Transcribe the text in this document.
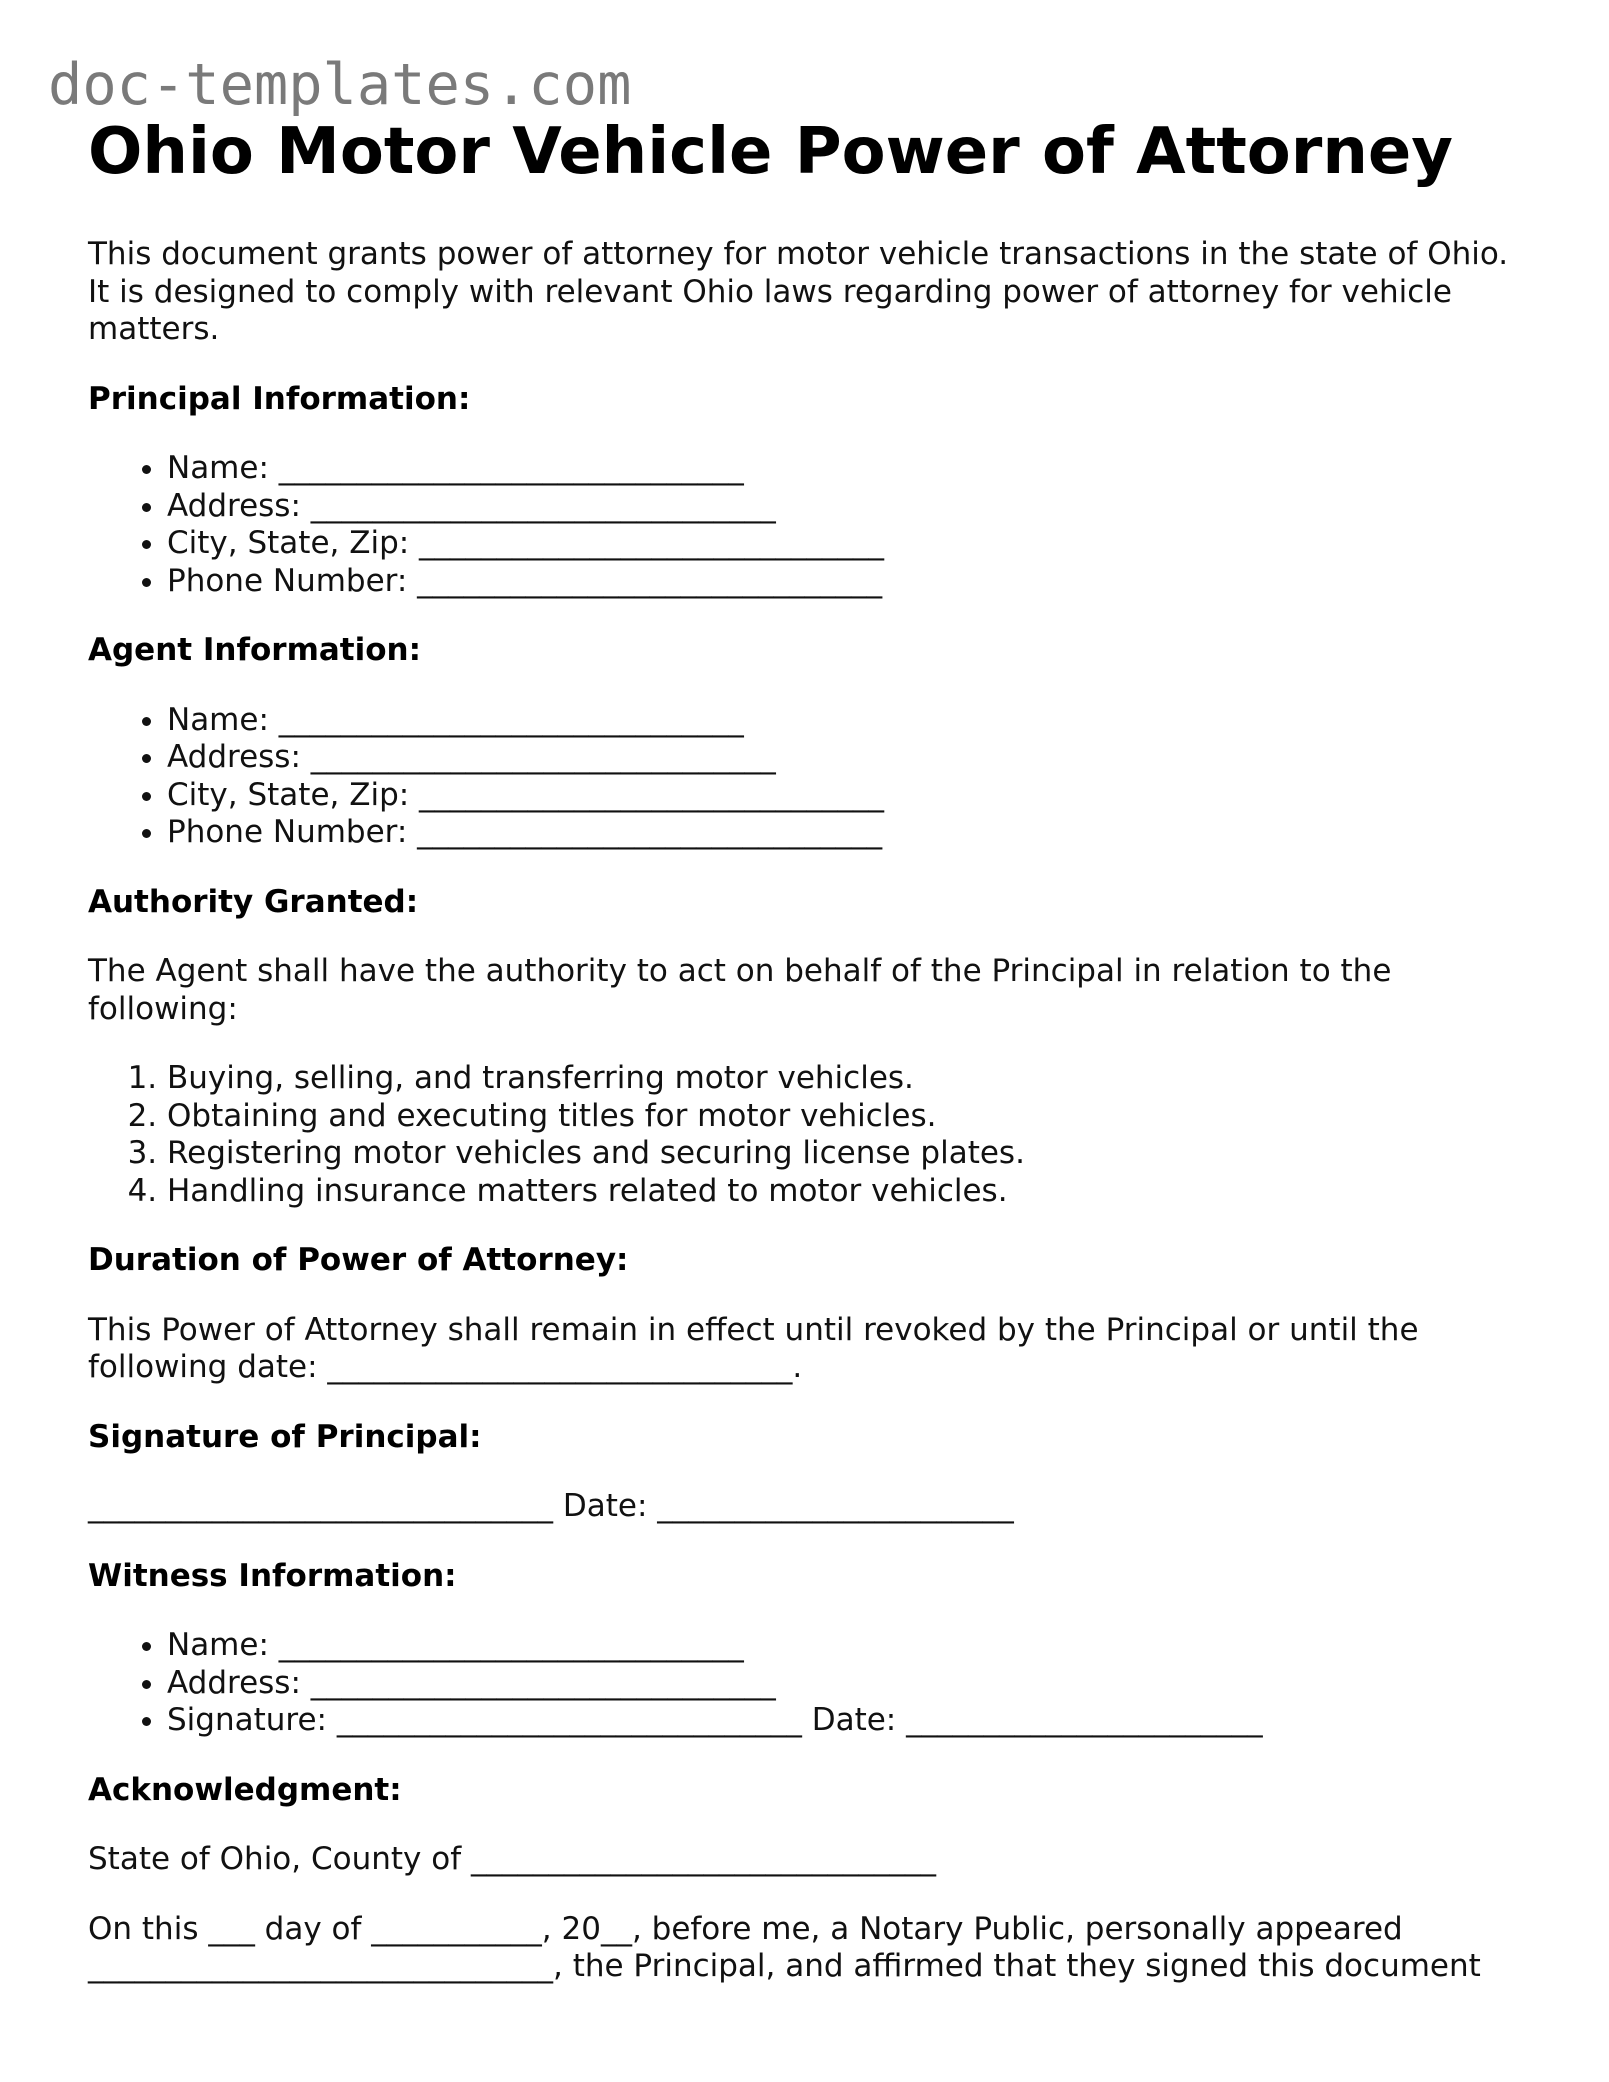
doc-templates.com
Ohio Motor Vehicle Power of Attorney

This document grants power of attorney for motor vehicle transactions in the state of Ohio. It is designed to comply with relevant Ohio laws regarding power of attorney for vehicle matters.

Principal Information:
• Name: ______________________________
• Address: ______________________________
• City, State, Zip: ______________________________
• Phone Number: ______________________________
Agent Information:
• Name: ______________________________
• Address: ______________________________
• City, State, Zip: ______________________________
• Phone Number: ______________________________
Authority Granted:

The Agent shall have the authority to act on behalf of the Principal in relation to the following:

1. Buying, selling, and transferring motor vehicles.
2. Obtaining and executing titles for motor vehicles.
3. Registering motor vehicles and securing license plates.
4. Handling insurance matters related to motor vehicles.
Duration of Power of Attorney:

This Power of Attorney shall remain in effect until revoked by the Principal or until the following date: ______________________________.

Signature of Principal:

______________________________ Date: _______________________

Witness Information:
• Name: ______________________________
• Address: ______________________________
• Signature: ______________________________ Date: _______________________
Acknowledgment:

State of Ohio, County of ______________________________

On this ___ day of ___________, 20__, before me, a Notary Public, personally appeared ______________________________, the Principal, and affirmed that they signed this document
